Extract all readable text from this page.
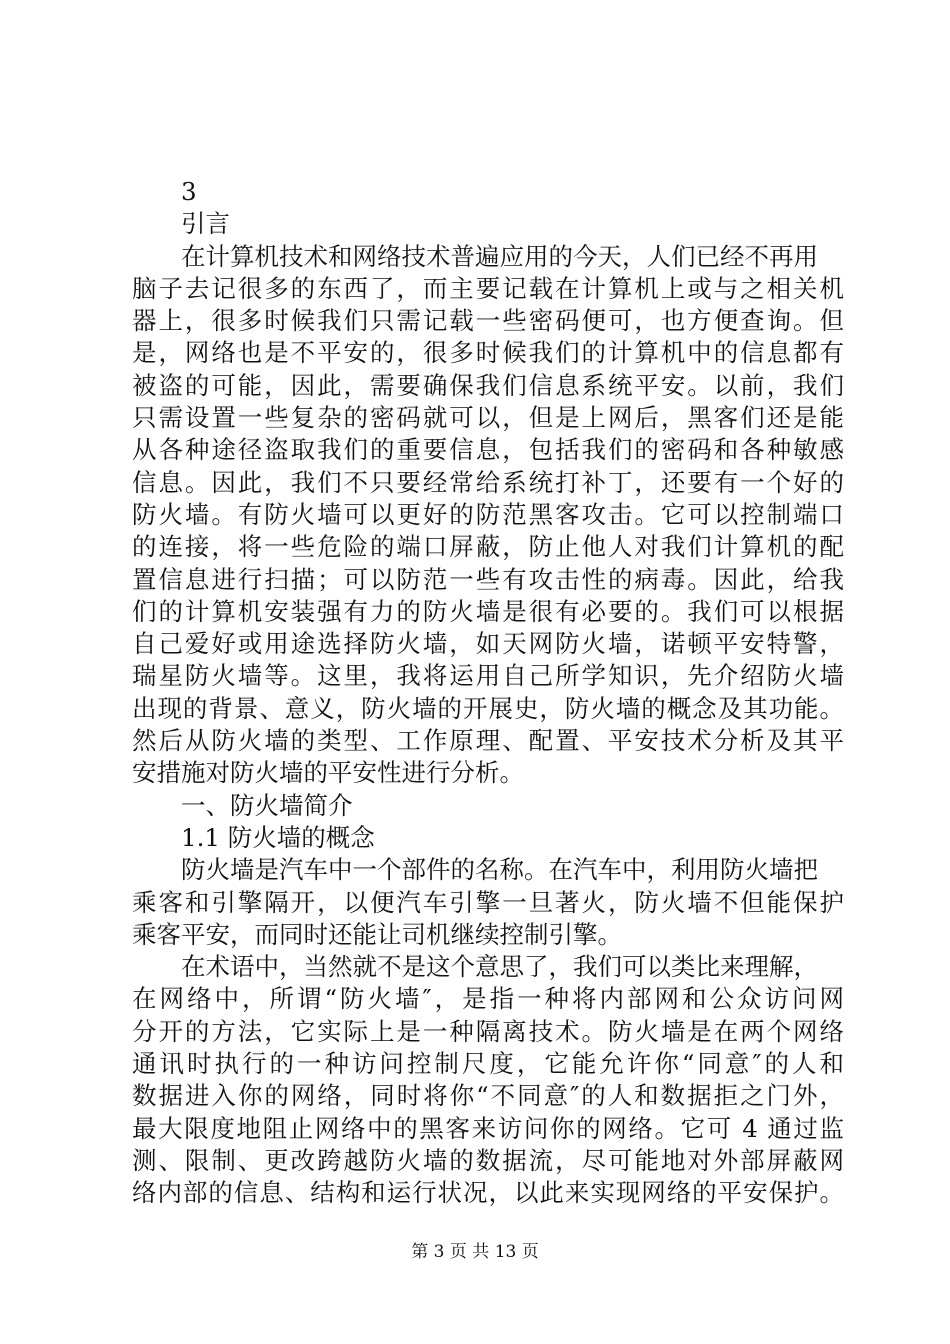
3
引言
在计算机技术和网络技术普遍应用的今天，人们已经不再用
脑子去记很多的东西了，而主要记载在计算机上或与之相关机
器上，很多时候我们只需记载一些密码便可，也方便查询。但
是，网络也是不平安的，很多时候我们的计算机中的信息都有
被盗的可能，因此，需要确保我们信息系统平安。以前，我们
只需设置一些复杂的密码就可以，但是上网后，黑客们还是能
从各种途径盗取我们的重要信息，包括我们的密码和各种敏感
信息。因此，我们不只要经常给系统打补丁，还要有一个好的
防火墙。有防火墙可以更好的防范黑客攻击。它可以控制端口
的连接，将一些危险的端口屏蔽，防止他人对我们计算机的配
置信息进行扫描；可以防范一些有攻击性的病毒。因此，给我
们的计算机安装强有力的防火墙是很有必要的。我们可以根据
自己爱好或用途选择防火墙，如天网防火墙，诺顿平安特警，
瑞星防火墙等。这里，我将运用自己所学知识，先介绍防火墙
出现的背景、意义，防火墙的开展史，防火墙的概念及其功能。
然后从防火墙的类型、工作原理、配置、平安技术分析及其平
安措施对防火墙的平安性进行分析。
一、防火墙简介
1.1 防火墙的概念
防火墙是汽车中一个部件的名称。在汽车中，利用防火墙把
乘客和引擎隔开，以便汽车引擎一旦著火，防火墙不但能保护
乘客平安，而同时还能让司机继续控制引擎。
在术语中，当然就不是这个意思了，我们可以类比来理解，
在网络中，所谓“防火墙″，是指一种将内部网和公众访问网
分开的方法，它实际上是一种隔离技术。防火墙是在两个网络
通讯时执行的一种访问控制尺度，它能允许你“同意″的人和
数据进入你的网络，同时将你“不同意″的人和数据拒之门外，
最大限度地阻止网络中的黑客来访问你的网络。它可 4 通过监
测、限制、更改跨越防火墙的数据流，尽可能地对外部屏蔽网
络内部的信息、结构和运行状况，以此来实现网络的平安保护。
第 3 页 共 13 页
